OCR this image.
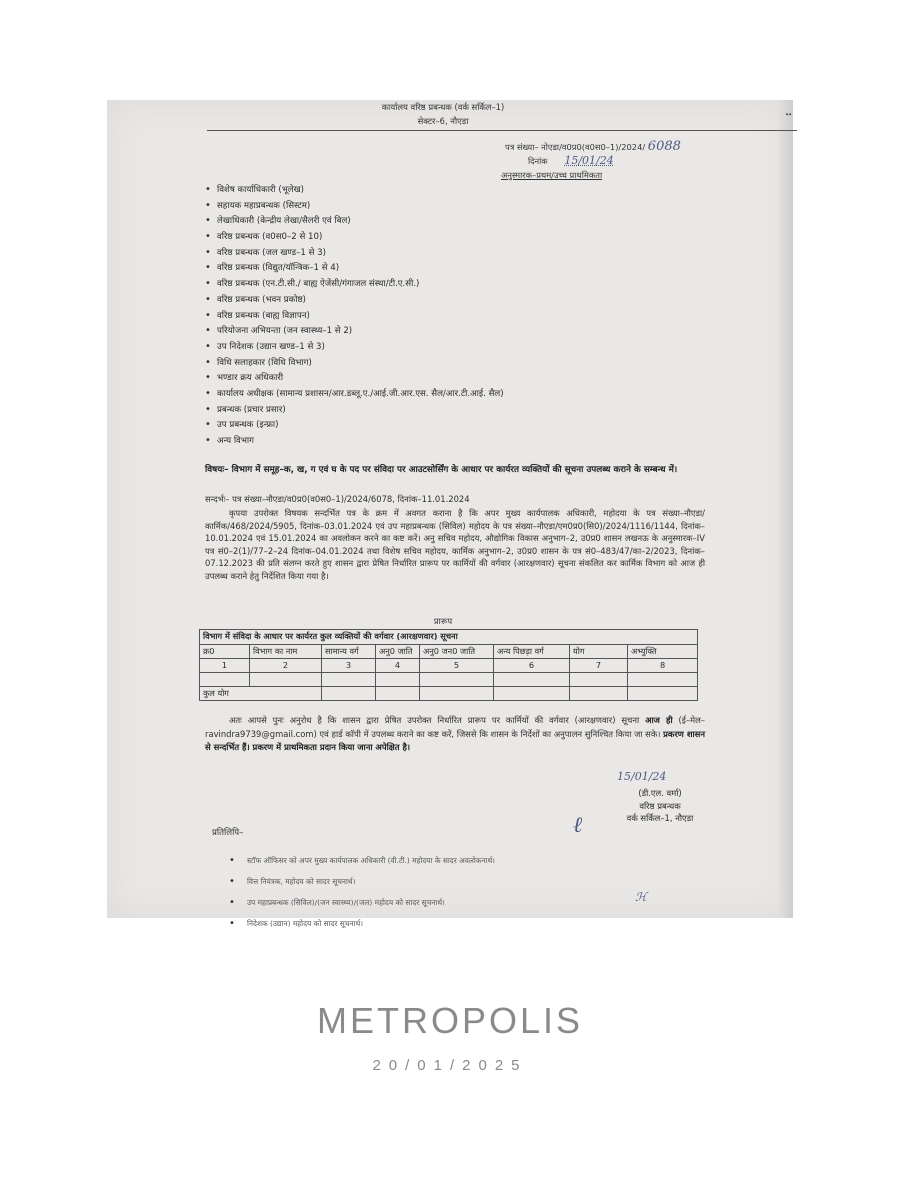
᠃
कार्यालय वरिष्ठ प्रबन्धक (वर्क सर्किल–1)
सेक्टर–6, नौएडा
पत्र संख्या– नोएडा/व0प्र0(व0स0–1)/2024/ 6088
दिनांक 15/01/24
अनुस्मारक–प्रथम/उच्च प्राथमिकता
• विशेष कार्याधिकारी (भूलेख)
• सहायक महाप्रबन्धक (सिस्टम)
• लेखाधिकारी (केन्द्रीय लेखा/सैलरी एवं बिल)
• वरिष्ठ प्रबन्धक (व0स0–2 से 10)
• वरिष्ठ प्रबन्धक (जल खण्ड–1 से 3)
• वरिष्ठ प्रबन्धक (विद्युत/यॉन्त्रिक–1 से 4)
• वरिष्ठ प्रबन्धक (एन.टी.सी./ बाह्य ऐजेंसी/गंगाजल संस्था/टी.ए.सी.)
• वरिष्ठ प्रबन्धक (भवन प्रकोष्ठ)
• वरिष्ठ प्रबन्धक (बाह्य विज्ञापन)
• परियोजना अभियन्ता (जन स्वास्थ्य–1 से 2)
• उप निदेशक (उद्यान खण्ड–1 से 3)
• विधि सलाहकार (विधि विभाग)
• भण्डार क्रय अधिकारी
• कार्यालय अधीक्षक (सामान्य प्रशासन/आर.डब्लू.ए./आई.जी.आर.एस. सैल/आर.टी.आई. सैल)
• प्रबन्धक (प्रचार प्रसार)
• उप प्रबन्धक (इन्फ्रा)
• अन्य विभाग
विषयः– विभाग में समूह–क, ख, ग एवं घ के पद पर संविदा पर आउटसोर्सिंग के आधार पर कार्यरत व्यक्तियों की सूचना उपलब्ध कराने के सम्बन्ध में।
सन्दर्भः– पत्र संख्या–नौएडा/व0प्र0(व0स0–1)/2024/6078, दिनांक–11.01.2024
कृपया उपरोक्त विषयक सन्दर्भित पत्र के क्रम में अवगत कराना है कि अपर मुख्य कार्यपालक अधिकारी, महोदया के पत्र संख्या–नौएडा/कार्मिक/468/2024/5905, दिनांक–03.01.2024 एवं उप महाप्रबन्धक (सिविल) महोदय के पत्र संख्या–नौएडा/एम0प्र0(सि0)/2024/1116/1144, दिनांक–10.01.2024 एवं 15.01.2024 का अवलोकन करने का कष्ट करें। अनु सचिव महोदय, औद्योगिक विकास अनुभाग–2, उ0प्र0 शासन लखनऊ के अनुस्मारक–IV पत्र सं0–2(1)/77–2–24 दिनांक–04.01.2024 तथा विशेष सचिव महोदय, कार्मिक अनुभाग–2, उ0प्र0 शासन के पत्र सं0–483/47/का–2/2023, दिनांक–07.12.2023 की प्रति संलग्न करते हुए शासन द्वारा प्रेषित निर्धारित प्रारूप पर कार्मियों की वर्गवार (आरक्षणवार) सूचना संकलित कर कार्मिक विभाग को आज ही उपलब्ध कराने हेतु निर्देशित किया गया है।
प्रारूप
विभाग में संविदा के आधार पर कार्यरत कुल व्यक्तियों की वर्गवार (आरक्षणवार) सूचना							
क्र0	विभाग का नाम	सामान्य वर्ग	अनु0 जाति	अनु0 जन0 जाति	अन्य पिछड़ा वर्ग	योग	अभ्युक्ति
1	2	3	4	5	6	7	8

कुल योग							
अतः आपसे पुनः अनुरोध है कि शासन द्वारा प्रेषित उपरोक्त निर्धारित प्रारूप पर कार्मियों की वर्गवार (आरक्षणवार) सूचना आज ही (ई–मेल–ravindra9739@gmail.com) एवं हार्ड कॉपी में उपलब्ध कराने का कष्ट करें, जिससे कि शासन के निर्देशों का अनुपालन सुनिश्चित किया जा सके। प्रकरण शासन से सन्दर्भित हैं। प्रकरण में प्राथमिकता प्रदान किया जाना अपेक्षित है।
15/01/24
(डी.एल. वर्मा)
वरिष्ठ प्रबन्धक
वर्क सर्किल–1, नौएडा
ℓ
प्रतिलिपि–
• स्टॉफ ऑफिसर को अपर मुख्य कार्यपालक अधिकारी (वी.टी.) महोदया के सादर अवलोकनार्थ।
• वित्त नियंत्रक, महोदय को सादर सूचनार्थ।
• उप महाप्रबन्धक (सिविल)/(जन स्वास्थ्य)/(जल) महोदय को सादर सूचनार्थ।
• निदेशक (उद्यान) महोदय को सादर सूचनार्थ।
ℋ
METROPOLIS
20/01/2025
